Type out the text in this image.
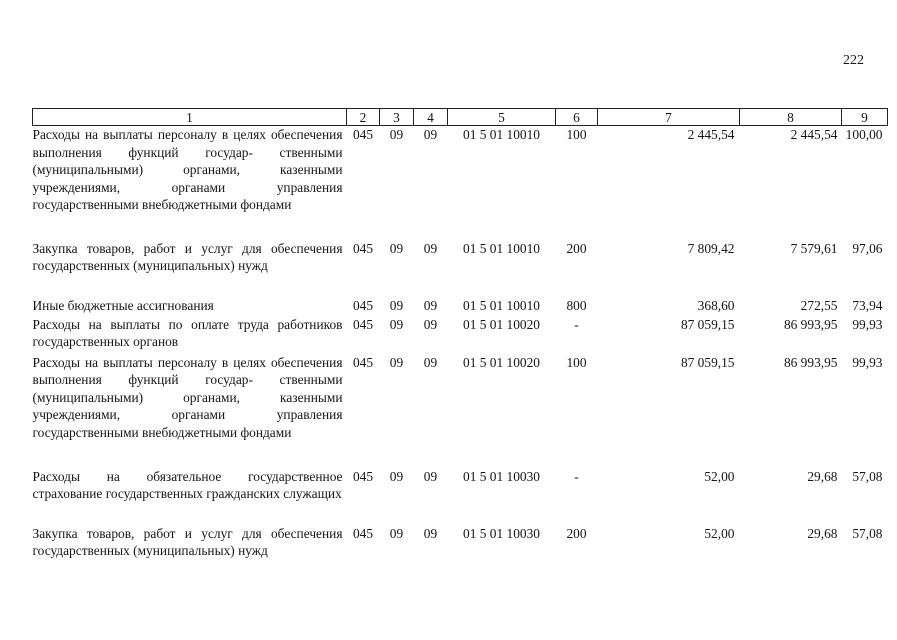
222
1	2	3	4	5	6	7	8	9
Расходы на выплаты персоналу в целях обеспечения выполнения функций государ- ственными (муниципальными) органами, казенными учреждениями, органами управления государственными внебюджетными фондами	045	09	09	01 5 01 10010	100	2 445,54	2 445,54	100,00
Закупка товаров, работ и услуг для обеспечения государственных (муниципальных) нужд	045	09	09	01 5 01 10010	200	7 809,42	7 579,61	97,06
Иные бюджетные ассигнования	045	09	09	01 5 01 10010	800	368,60	272,55	73,94
Расходы на выплаты по оплате труда работников государственных органов	045	09	09	01 5 01 10020	-	87 059,15	86 993,95	99,93
Расходы на выплаты персоналу в целях обеспечения выполнения функций государ- ственными (муниципальными) органами, казенными учреждениями, органами управления государственными внебюджетными фондами	045	09	09	01 5 01 10020	100	87 059,15	86 993,95	99,93
Расходы на обязательное государственное страхование государственных гражданских служащих	045	09	09	01 5 01 10030	-	52,00	29,68	57,08
Закупка товаров, работ и услуг для обеспечения государственных (муниципальных) нужд	045	09	09	01 5 01 10030	200	52,00	29,68	57,08
